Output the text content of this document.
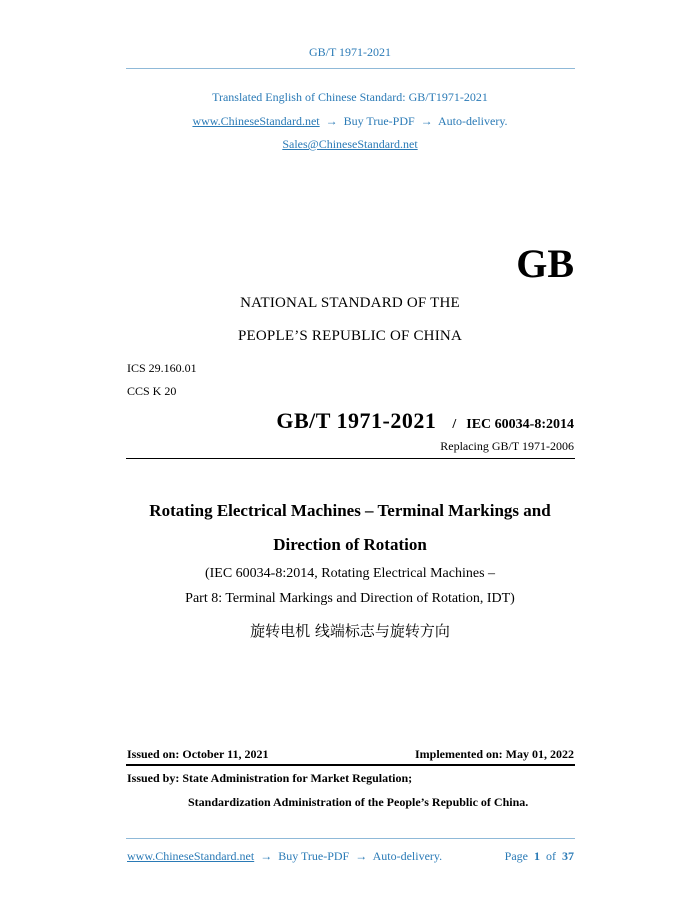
GB/T 1971-2021
Translated English of Chinese Standard: GB/T1971-2021
www.ChineseStandard.net → Buy True-PDF → Auto-delivery.
Sales@ChineseStandard.net
GB
NATIONAL STANDARD OF THE
PEOPLE’S REPUBLIC OF CHINA
ICS 29.160.01
CCS K 20
GB/T 1971-2021 / IEC 60034-8:2014
Replacing GB/T 1971-2006
Rotating Electrical Machines – Terminal Markings and
Direction of Rotation
(IEC 60034-8:2014, Rotating Electrical Machines –
Part 8: Terminal Markings and Direction of Rotation, IDT)
旋转电机 线端标志与旋转方向
Issued on: October 11, 2021	Implemented on: May 01, 2022
Issued by: State Administration for Market Regulation;
Standardization Administration of the People’s Republic of China.
www.ChineseStandard.net → Buy True-PDF → Auto-delivery.	Page 1 of 37
